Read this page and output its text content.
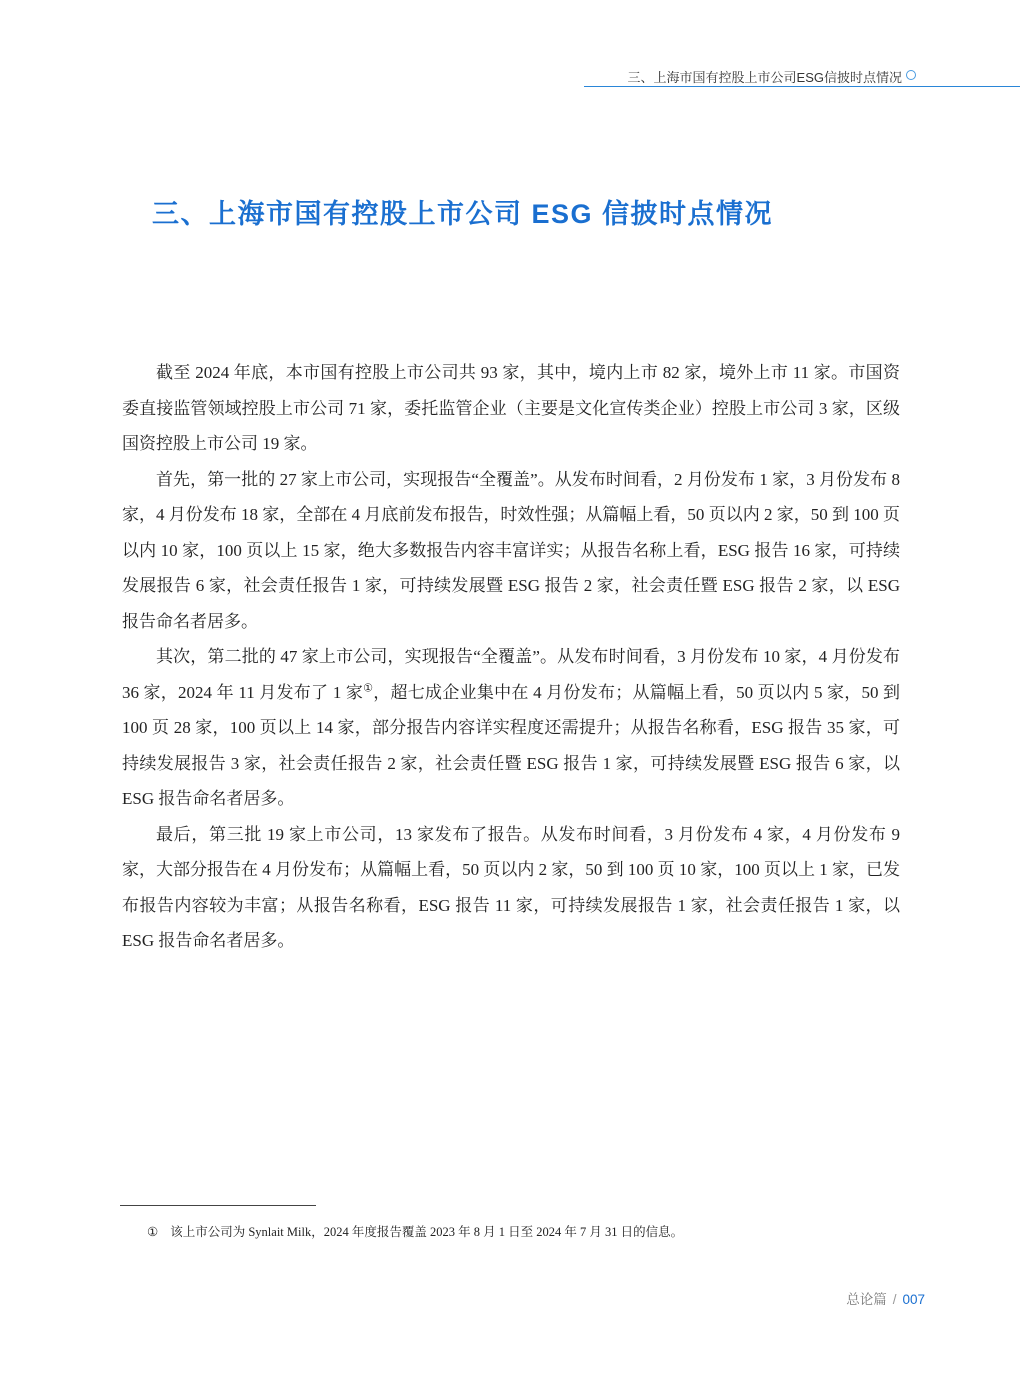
三、上海市国有控股上市公司ESG信披时点情况
三、上海市国有控股上市公司 ESG 信披时点情况

截至 2024 年底，本市国有控股上市公司共 93 家，其中，境内上市 82 家，境外上市 11 家。市国资委直接监管领域控股上市公司 71 家，委托监管企业（主要是文化宣传类企业）控股上市公司 3 家，区级国资控股上市公司 19 家。

首先，第一批的 27 家上市公司，实现报告“全覆盖”。从发布时间看，2 月份发布 1 家，3 月份发布 8 家，4 月份发布 18 家，全部在 4 月底前发布报告，时效性强；从篇幅上看，50 页以内 2 家，50 到 100 页以内 10 家，100 页以上 15 家，绝大多数报告内容丰富详实；从报告名称上看，ESG 报告 16 家，可持续发展报告 6 家，社会责任报告 1 家，可持续发展暨 ESG 报告 2 家，社会责任暨 ESG 报告 2 家，以 ESG 报告命名者居多。

其次，第二批的 47 家上市公司，实现报告“全覆盖”。从发布时间看，3 月份发布 10 家，4 月份发布 36 家，2024 年 11 月发布了 1 家①，超七成企业集中在 4 月份发布；从篇幅上看，50 页以内 5 家，50 到 100 页 28 家，100 页以上 14 家，部分报告内容详实程度还需提升；从报告名称看，ESG 报告 35 家，可持续发展报告 3 家，社会责任报告 2 家，社会责任暨 ESG 报告 1 家，可持续发展暨 ESG 报告 6 家，以 ESG 报告命名者居多。

最后，第三批 19 家上市公司，13 家发布了报告。从发布时间看，3 月份发布 4 家，4 月份发布 9 家，大部分报告在 4 月份发布；从篇幅上看，50 页以内 2 家，50 到 100 页 10 家，100 页以上 1 家，已发布报告内容较为丰富；从报告名称看，ESG 报告 11 家，可持续发展报告 1 家，社会责任报告 1 家，以 ESG 报告命名者居多。

① 该上市公司为 Synlait Milk，2024 年度报告覆盖 2023 年 8 月 1 日至 2024 年 7 月 31 日的信息。
总论篇 / 007
